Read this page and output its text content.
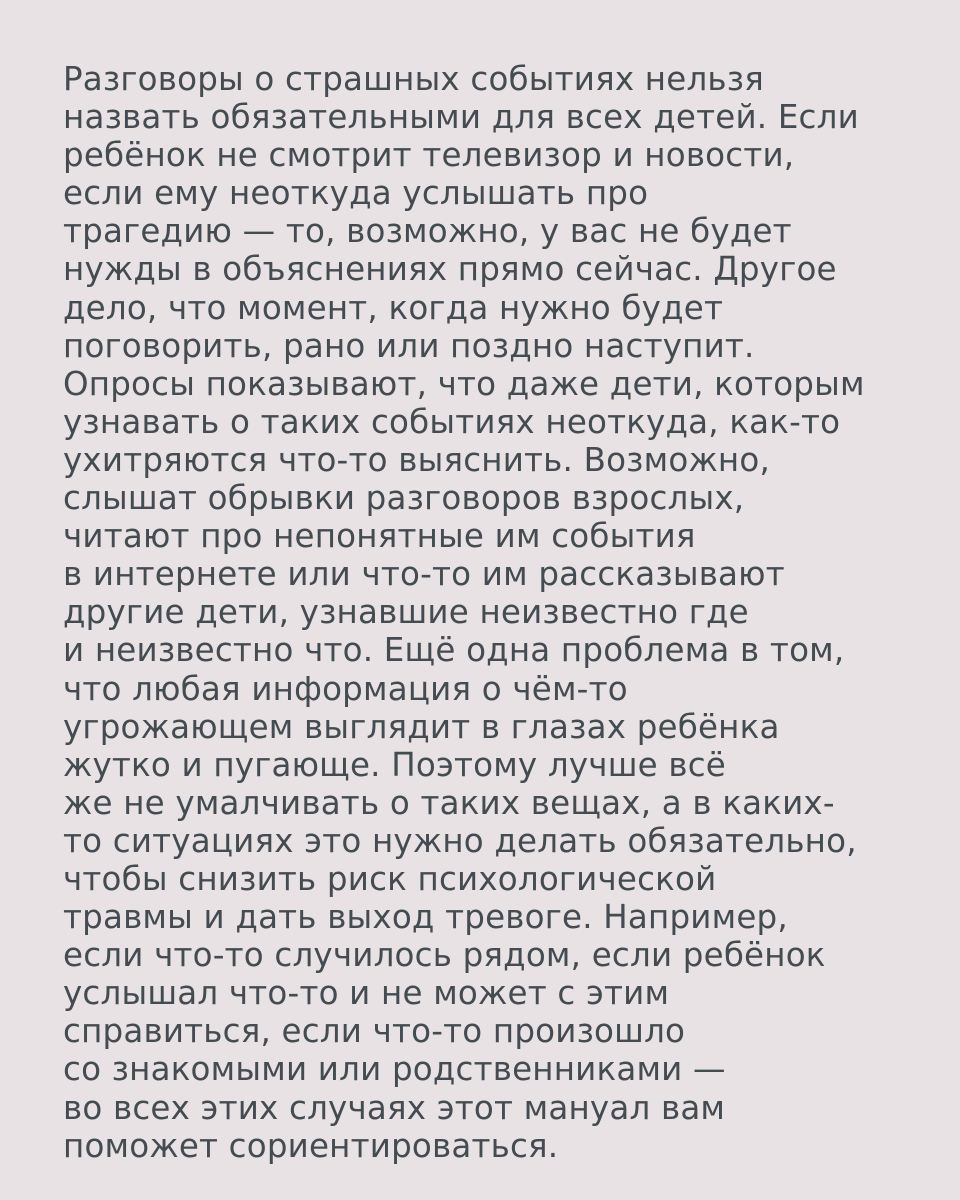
Разговоры о страшных событиях нельзя
назвать обязательными для всех детей. Если
ребёнок не смотрит телевизор и новости,
если ему неоткуда услышать про
трагедию — то, возможно, у вас не будет
нужды в объяснениях прямо сейчас. Другое
дело, что момент, когда нужно будет
поговорить, рано или поздно наступит.
Опросы показывают, что даже дети, которым
узнавать о таких событиях неоткуда, как-то
ухитряются что-то выяснить. Возможно,
слышат обрывки разговоров взрослых,
читают про непонятные им события
в интернете или что-то им рассказывают
другие дети, узнавшие неизвестно где
и неизвестно что. Ещё одна проблема в том,
что любая информация о чём-то
угрожающем выглядит в глазах ребёнка
жутко и пугающе. Поэтому лучше всё
же не умалчивать о таких вещах, а в каких-
то ситуациях это нужно делать обязательно,
чтобы снизить риск психологической
травмы и дать выход тревоге. Например,
если что-то случилось рядом, если ребёнок
услышал что-то и не может с этим
справиться, если что-то произошло
со знакомыми или родственниками —
во всех этих случаях этот мануал вам
поможет сориентироваться.
